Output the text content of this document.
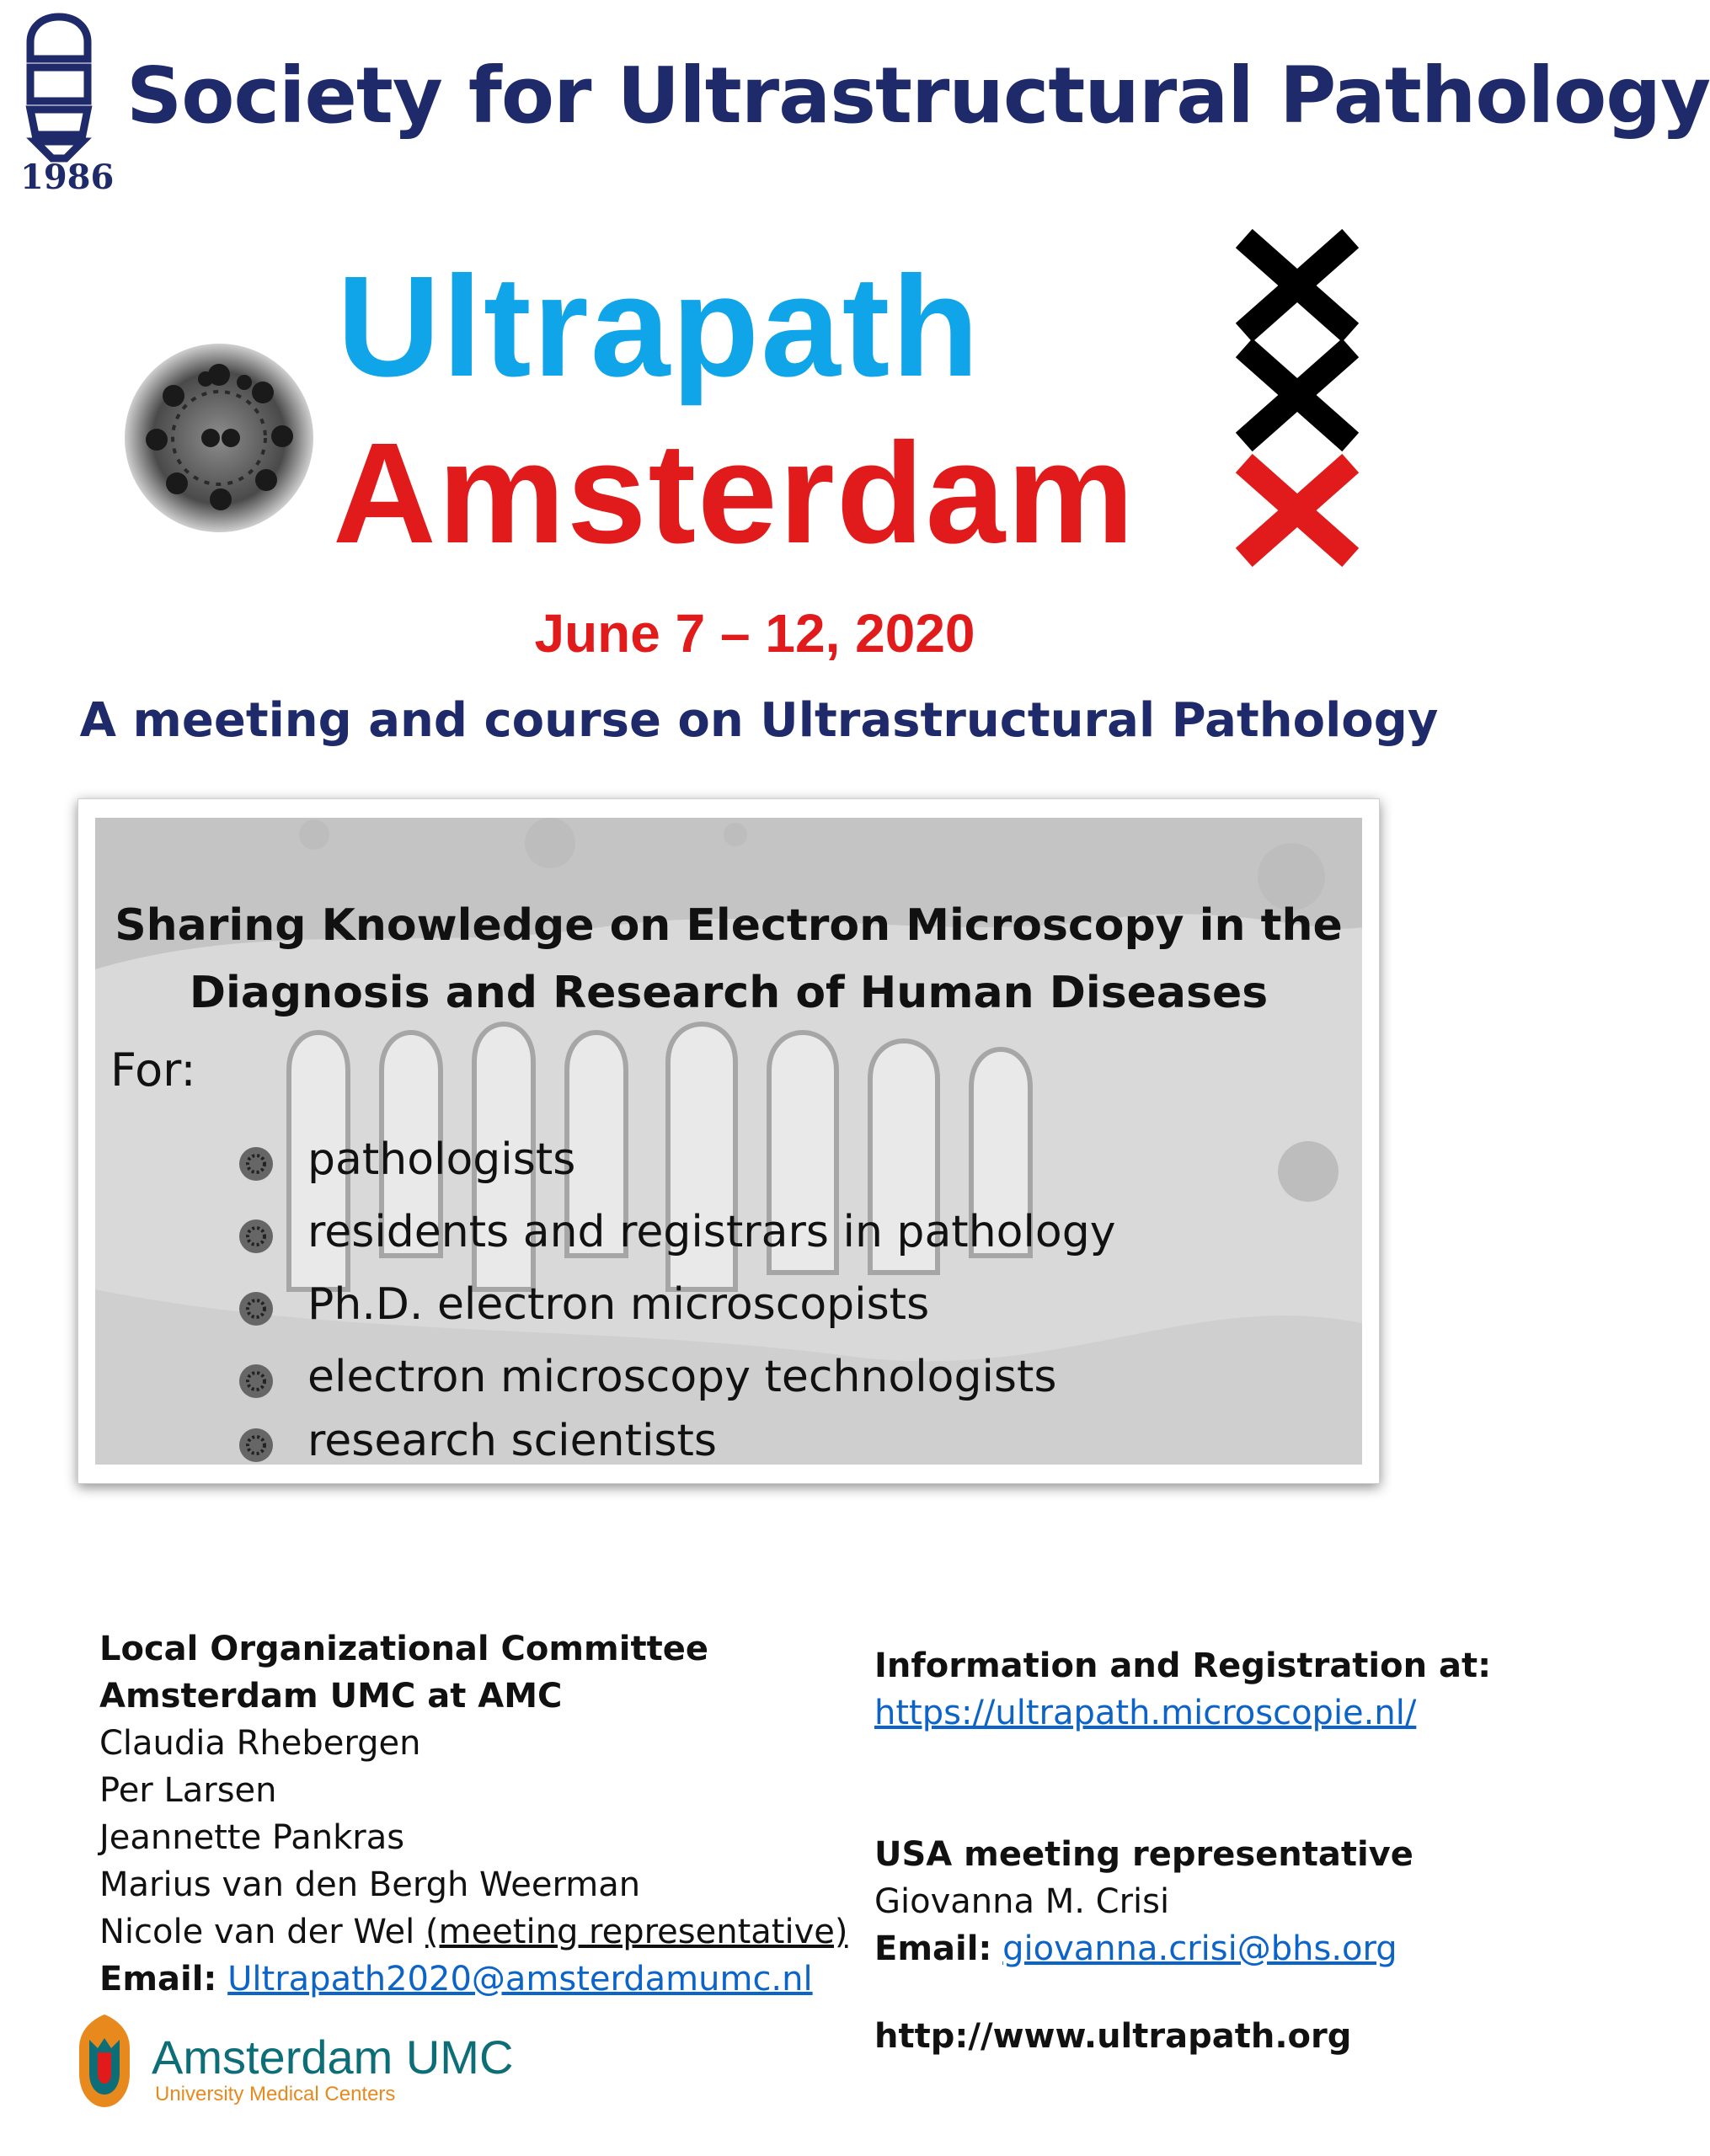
1986
Society for Ultrastructural Pathology
Ultrapath
Amsterdam
June 7 – 12, 2020
A meeting and course on Ultrastructural Pathology
Sharing Knowledge on Electron Microscopy in the
Diagnosis and Research of Human Diseases
For:
pathologists
residents and registrars in pathology
Ph.D. electron microscopists
electron microscopy technologists
research scientists
Local Organizational Committee
Amsterdam UMC at AMC
Claudia Rhebergen
Per Larsen
Jeannette Pankras
Marius van den Bergh Weerman
Nicole van der Wel (meeting representative)
Email: Ultrapath2020@amsterdamumc.nl
Amsterdam UMC
University Medical Centers
Information and Registration at:
https://ultrapath.microscopie.nl/
USA meeting representative
Giovanna M. Crisi
Email: giovanna.crisi@bhs.org
http://www.ultrapath.org
